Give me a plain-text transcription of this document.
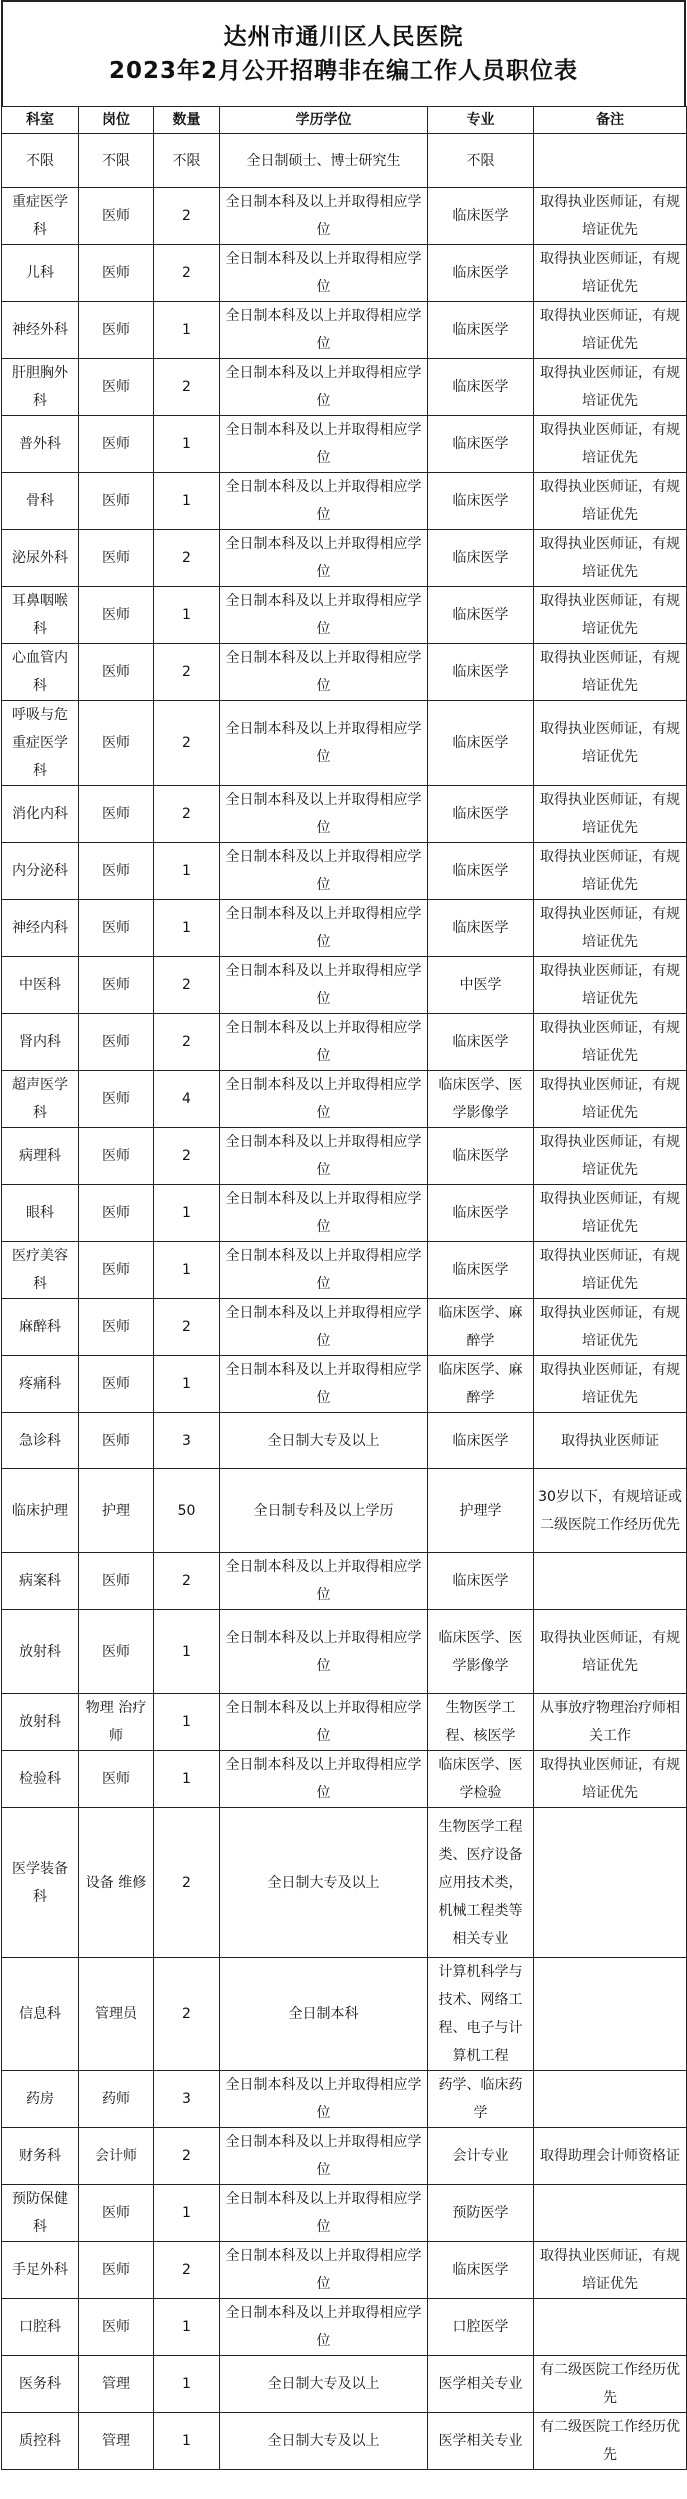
达州市通川区人民医院
2023年2月公开招聘非在编工作人员职位表
科室	岗位	数量	学历学位	专业	备注
不限	不限	不限	全日制硕士、博士研究生	不限	
重症医学科	医师	2	全日制本科及以上并取得相应学位	临床医学	取得执业医师证，有规培证优先
儿科	医师	2	全日制本科及以上并取得相应学位	临床医学	取得执业医师证，有规培证优先
神经外科	医师	1	全日制本科及以上并取得相应学位	临床医学	取得执业医师证，有规培证优先
肝胆胸外科	医师	2	全日制本科及以上并取得相应学位	临床医学	取得执业医师证，有规培证优先
普外科	医师	1	全日制本科及以上并取得相应学位	临床医学	取得执业医师证，有规培证优先
骨科	医师	1	全日制本科及以上并取得相应学位	临床医学	取得执业医师证，有规培证优先
泌尿外科	医师	2	全日制本科及以上并取得相应学位	临床医学	取得执业医师证，有规培证优先
耳鼻咽喉科	医师	1	全日制本科及以上并取得相应学位	临床医学	取得执业医师证，有规培证优先
心血管内科	医师	2	全日制本科及以上并取得相应学位	临床医学	取得执业医师证，有规培证优先
呼吸与危重症医学科	医师	2	全日制本科及以上并取得相应学位	临床医学	取得执业医师证，有规培证优先
消化内科	医师	2	全日制本科及以上并取得相应学位	临床医学	取得执业医师证，有规培证优先
内分泌科	医师	1	全日制本科及以上并取得相应学位	临床医学	取得执业医师证，有规培证优先
神经内科	医师	1	全日制本科及以上并取得相应学位	临床医学	取得执业医师证，有规培证优先
中医科	医师	2	全日制本科及以上并取得相应学位	中医学	取得执业医师证，有规培证优先
肾内科	医师	2	全日制本科及以上并取得相应学位	临床医学	取得执业医师证，有规培证优先
超声医学科	医师	4	全日制本科及以上并取得相应学位	临床医学、医学影像学	取得执业医师证，有规培证优先
病理科	医师	2	全日制本科及以上并取得相应学位	临床医学	取得执业医师证，有规培证优先
眼科	医师	1	全日制本科及以上并取得相应学位	临床医学	取得执业医师证，有规培证优先
医疗美容科	医师	1	全日制本科及以上并取得相应学位	临床医学	取得执业医师证，有规培证优先
麻醉科	医师	2	全日制本科及以上并取得相应学位	临床医学、麻醉学	取得执业医师证，有规培证优先
疼痛科	医师	1	全日制本科及以上并取得相应学位	临床医学、麻醉学	取得执业医师证，有规培证优先
急诊科	医师	3	全日制大专及以上	临床医学	取得执业医师证
临床护理	护理	50	全日制专科及以上学历	护理学	30岁以下，有规培证或二级医院工作经历优先
病案科	医师	2	全日制本科及以上并取得相应学位	临床医学	
放射科	医师	1	全日制本科及以上并取得相应学位	临床医学、医学影像学	取得执业医师证，有规培证优先
放射科	物理 治疗师	1	全日制本科及以上并取得相应学位	生物医学工程、核医学	从事放疗物理治疗师相关工作
检验科	医师	1	全日制本科及以上并取得相应学位	临床医学、医学检验	取得执业医师证，有规培证优先
医学装备科	设备 维修	2	全日制大专及以上	生物医学工程类、医疗设备应用技术类，机械工程类等相关专业	
信息科	管理员	2	全日制本科	计算机科学与技术、网络工程、电子与计算机工程	
药房	药师	3	全日制本科及以上并取得相应学位	药学、临床药学	
财务科	会计师	2	全日制本科及以上并取得相应学位	会计专业	取得助理会计师资格证
预防保健科	医师	1	全日制本科及以上并取得相应学位	预防医学	
手足外科	医师	2	全日制本科及以上并取得相应学位	临床医学	取得执业医师证，有规培证优先
口腔科	医师	1	全日制本科及以上并取得相应学位	口腔医学	
医务科	管理	1	全日制大专及以上	医学相关专业	有二级医院工作经历优先
质控科	管理	1	全日制大专及以上	医学相关专业	有二级医院工作经历优先
